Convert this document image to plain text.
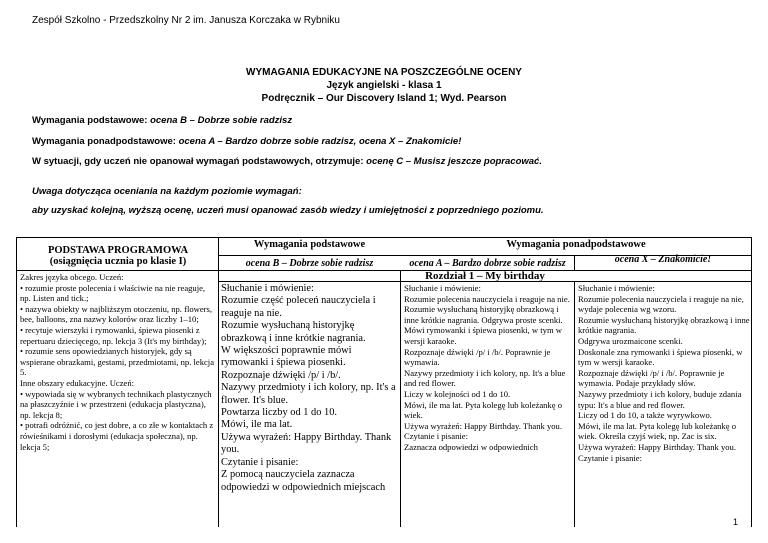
Zespół Szkolno - Przedszkolny Nr 2 im. Janusza Korczaka w Rybniku
WYMAGANIA EDUKACYJNE NA POSZCZEGÓLNE OCENY
Język angielski - klasa 1
Podręcznik – Our Discovery Island 1; Wyd. Pearson
Wymagania podstawowe: ocena B – Dobrze sobie radzisz
Wymagania ponadpodstawowe: ocena A – Bardzo dobrze sobie radzisz, ocena X – Znakomicie!
W sytuacji, gdy uczeń nie opanował wymagań podstawowych, otrzymuje: ocenę C – Musisz jeszcze popracować.
Uwaga dotycząca oceniania na każdym poziomie wymagań:
aby uzyskać kolejną, wyższą ocenę, uczeń musi opanować zasób wiedzy i umiejętności z poprzedniego poziomu.
PODSTAWA PROGRAMOWA
(osiągnięcia ucznia po klasie I)
Wymagania podstawowe
ocena B – Dobrze sobie radzisz
Wymagania ponadpodstawowe
ocena A – Bardzo dobrze sobie radzisz	ocena X – Znakomicie!
Rozdział 1 – My birthday
Zakres języka obcego. Uczeń:
• rozumie proste polecenia i właściwie na nie reaguje, np. Listen and tick.;
• nazywa obiekty w najbliższym otoczeniu, np. flowers, bee, balloons, zna nazwy kolorów oraz liczby 1–10;
• recytuje wierszyki i rymowanki, śpiewa piosenki z repertuaru dziecięcego, np. lekcja 3 (It's my birthday);
• rozumie sens opowiedzianych historyjek, gdy są wspierane obrazkami, gestami, przedmiotami, np. lekcja 5.
Inne obszary edukacyjne. Uczeń:
• wypowiada się w wybranych technikach plastycznych na płaszczyźnie i w przestrzeni (edukacja plastyczna), np. lekcja 8;
• potrafi odróżnić, co jest dobre, a co złe w kontaktach z rówieśnikami i dorosłymi (edukacja społeczna), np. lekcja 5;
Słuchanie i mówienie:
Rozumie część poleceń nauczyciela i reaguje na nie.
Rozumie wysłuchaną historyjkę obrazkową i inne krótkie nagrania.
W większości poprawnie mówi rymowanki i śpiewa piosenki.
Rozpoznaje dźwięki /p/ i /b/.
Nazywy przedmioty i ich kolory, np. It's a flower. It's blue.
Powtarza liczby od 1 do 10.
Mówi, ile ma lat.
Używa wyrażeń: Happy Birthday. Thank you.
Czytanie i pisanie:
Z pomocą nauczyciela zaznacza odpowiedzi w odpowiednich miejscach
Słuchanie i mówienie:
Rozumie polecenia nauczyciela i reaguje na nie.
Rozumie wysłuchaną historyjkę obrazkową i inne krótkie nagrania. Odgrywa proste scenki.
Mówi rymowanki i śpiewa piosenki, w tym w wersji karaoke.
Rozpoznaje dźwięki /p/ i /b/. Poprawnie je wymawia.
Nazywy przedmioty i ich kolory, np. It's a blue and red flower.
Liczy w kolejności od 1 do 10.
Mówi, ile ma lat. Pyta kolegę lub koleżankę o wiek.
Używa wyrażeń: Happy Birthday. Thank you.
Czytanie i pisanie:
Zaznacza odpowiedzi w odpowiednich
Słuchanie i mówienie:
Rozumie polecenia nauczyciela i reaguje na nie, wydaje polecenia wg wzoru.
Rozumie wysłuchaną historyjkę obrazkową i inne krótkie nagrania.
Odgrywa urozmaicone scenki.
Doskonale zna rymowanki i śpiewa piosenki, w tym w wersji karaoke.
Rozpoznaje dźwięki /p/ i /b/. Poprawnie je wymawia. Podaje przykłady słów.
Nazywy przedmioty i ich kolory, buduje zdania typu: It's a blue and red flower.
Liczy od 1 do 10, a także wyrywkowo.
Mówi, ile ma lat. Pyta kolegę lub koleżankę o wiek. Określa czyjś wiek, np. Zac is six.
Używa wyrażeń: Happy Birthday. Thank you.
Czytanie i pisanie:
1
